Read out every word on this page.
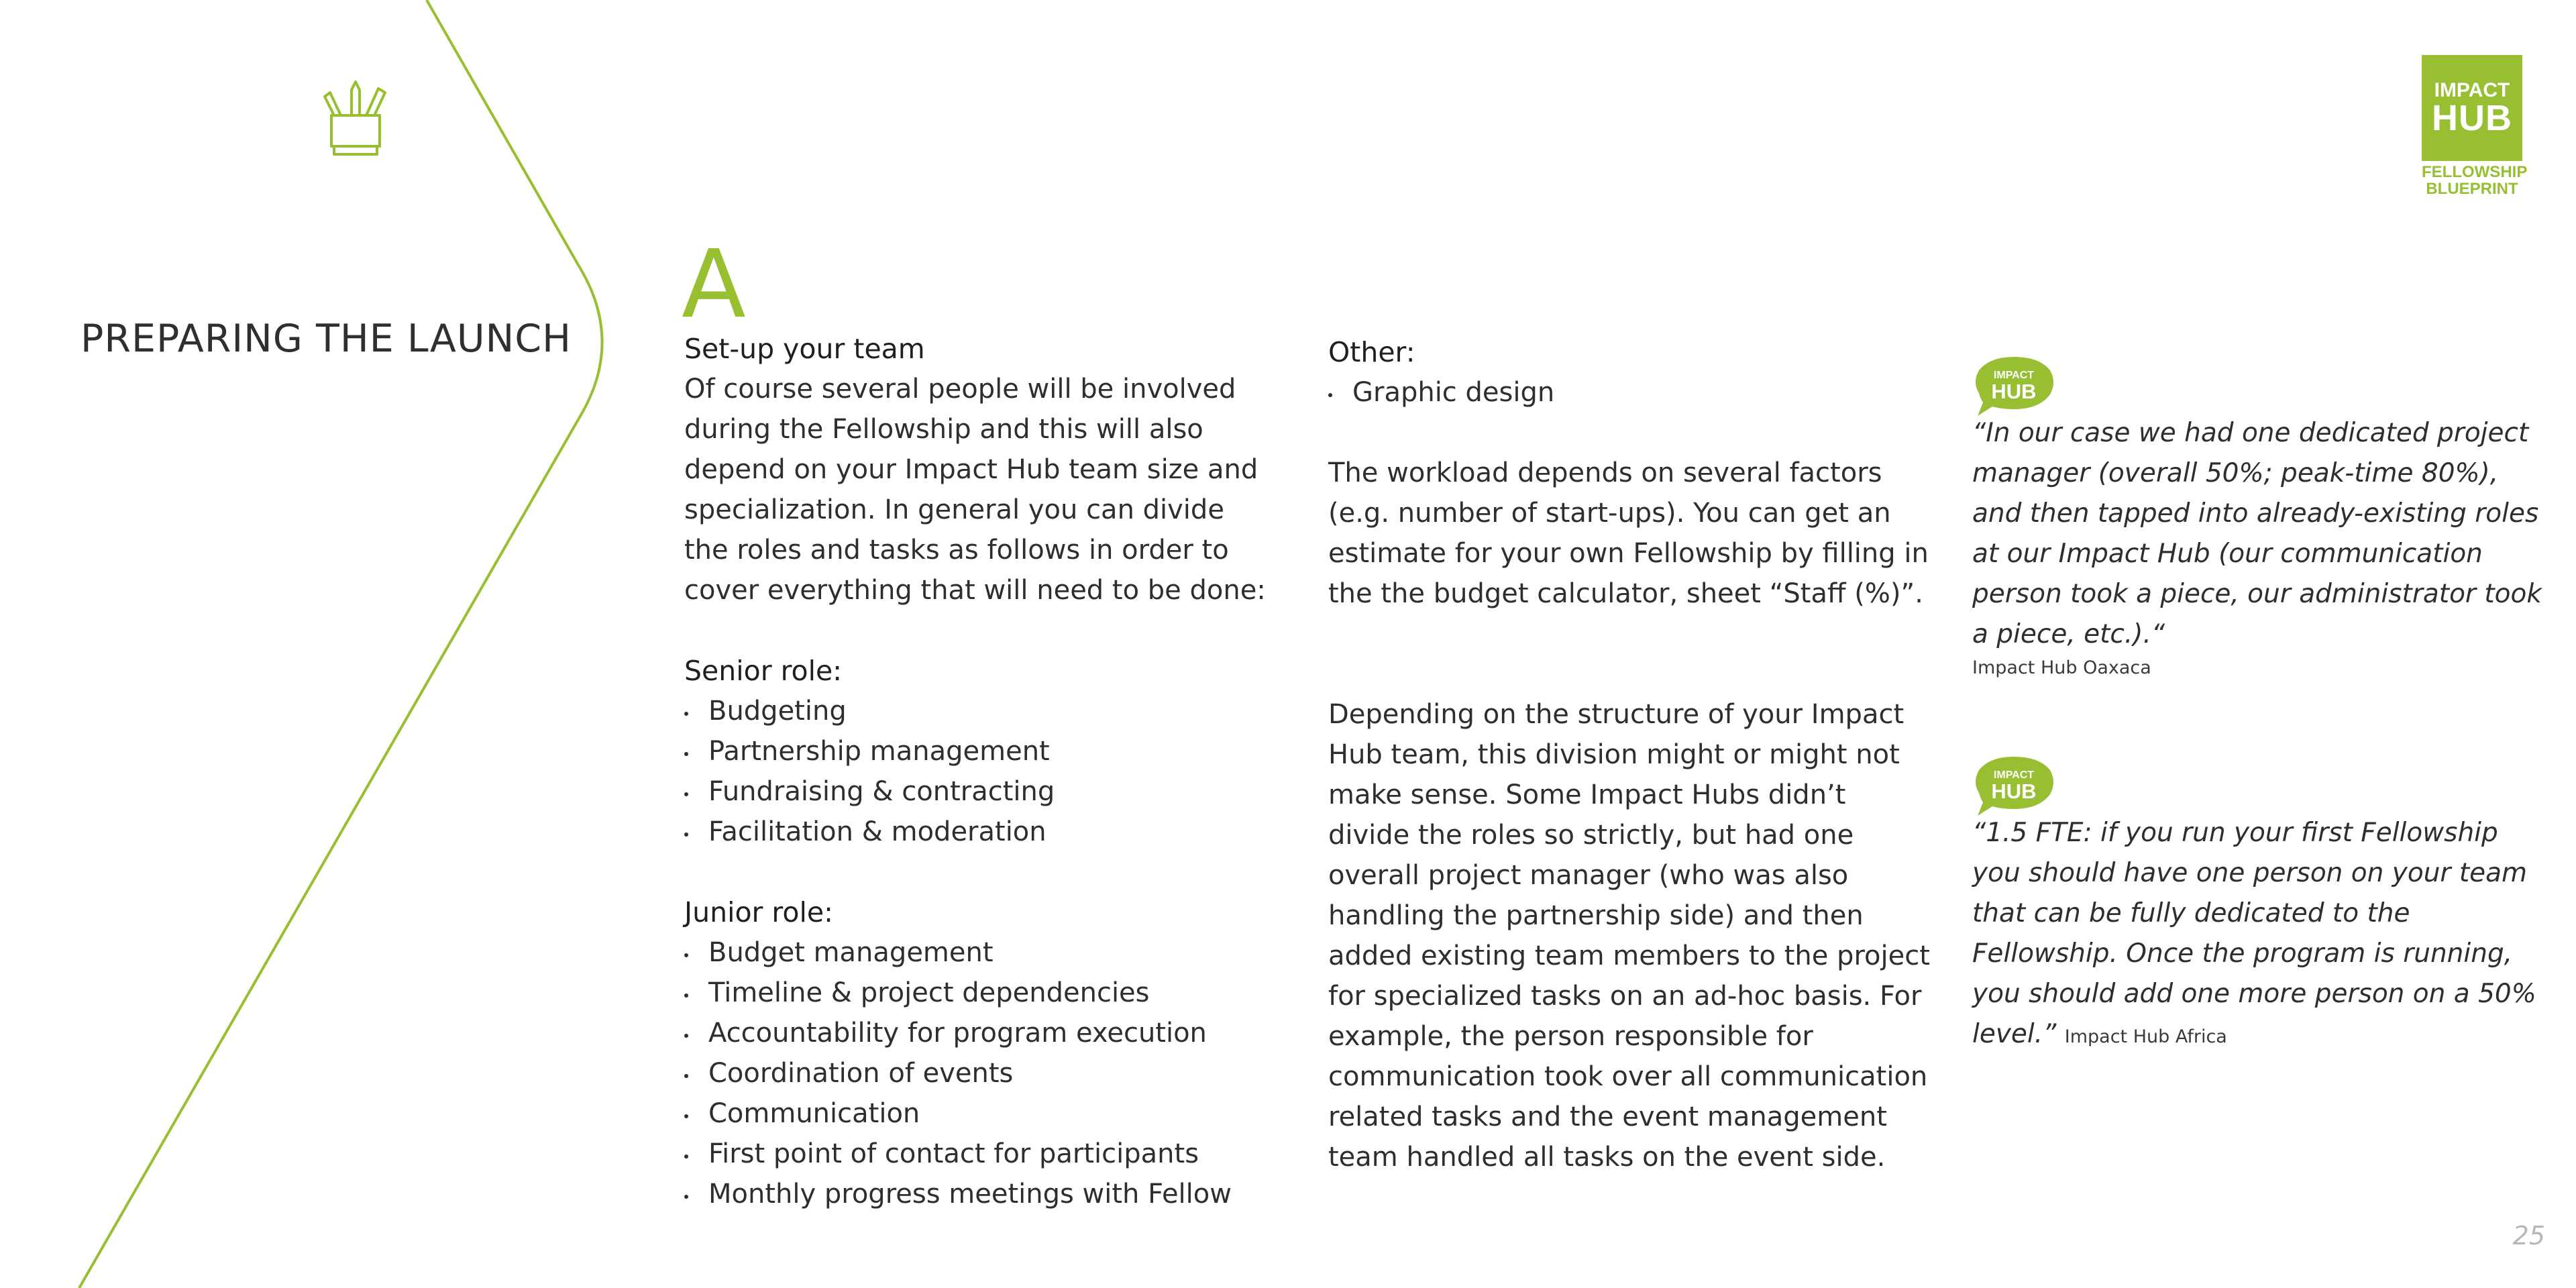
PREPARING THE LAUNCH
IMPACT
HUB
FELLOWSHIP
BLUEPRINT
A
Set-up your team

Of course several people will be involved during the Fellowship and this will also depend on your Impact Hub team size and specialization. In general you can divide the roles and tasks as follows in order to cover everything that will need to be done:

Senior role:
Budgeting
Partnership management
Fundraising & contracting
Facilitation & moderation
Junior role:
Budget management
Timeline & project dependencies
Accountability for program execution
Coordination of events
Communication
First point of contact for participants
Monthly progress meetings with Fellow
Other:
Graphic design

The workload depends on several factors (e.g. number of start-ups). You can get an estimate for your own Fellowship by filling in the the budget calculator, sheet “Staff (%)”.

Depending on the structure of your Impact Hub team, this division might or might not make sense. Some Impact Hubs didn’t divide the roles so strictly, but had one overall project manager (who was also handling the partnership side) and then added existing team members to the project for specialized tasks on an ad-hoc basis. For example, the person responsible for communication took over all communication related tasks and the event management team handled all tasks on the event side.

IMPACT
HUB
“In our case we had one dedicated project manager (overall 50%; peak-time 80%), and then tapped into already-existing roles at our Impact Hub (our communication person took a piece, our administrator took a piece, etc.).“
Impact Hub Oaxaca
IMPACT
HUB
“1.5 FTE: if you run your first Fellowship you should have one person on your team that can be fully dedicated to the Fellowship. Once the program is running, you should add one more person on a 50% level.” Impact Hub Africa
25
